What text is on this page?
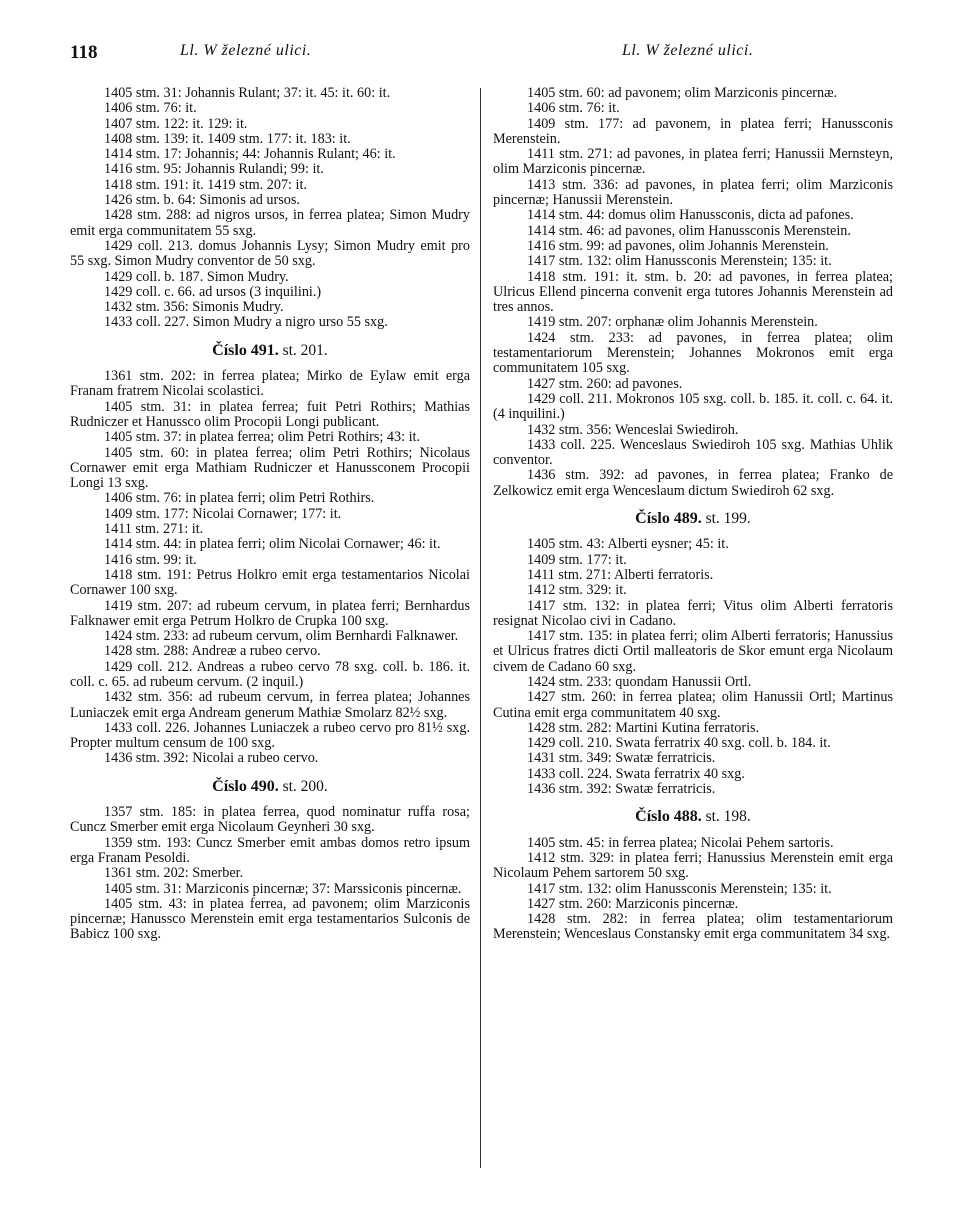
118	Ll. W železné ulici.	Ll. W železné ulici.

1405 stm. 31: Johannis Rulant; 37: it. 45: it. 60: it.

1406 stm. 76: it.

1407 stm. 122: it. 129: it.

1408 stm. 139: it. 1409 stm. 177: it. 183: it.

1414 stm. 17: Johannis; 44: Johannis Rulant; 46: it.

1416 stm. 95: Johannis Rulandi; 99: it.

1418 stm. 191: it. 1419 stm. 207: it.

1426 stm. b. 64: Simonis ad ursos.

1428 stm. 288: ad nigros ursos, in ferrea platea; Simon Mudry emit erga communitatem 55 sxg.

1429 coll. 213. domus Johannis Lysy; Simon Mudry emit pro 55 sxg. Simon Mudry conventor de 50 sxg.

1429 coll. b. 187. Simon Mudry.

1429 coll. c. 66. ad ursos (3 inquilini.)

1432 stm. 356: Simonis Mudry.

1433 coll. 227. Simon Mudry a nigro urso 55 sxg.

Číslo 491. st. 201.

1361 stm. 202: in ferrea platea; Mirko de Eylaw emit erga Franam fratrem Nicolai scolastici.

1405 stm. 31: in platea ferrea; fuit Petri Rothirs; Mathias Rudniczer et Hanussco olim Procopii Longi publicant.

1405 stm. 37: in platea ferrea; olim Petri Rothirs; 43: it.

1405 stm. 60: in platea ferrea; olim Petri Rothirs; Nicolaus Cornawer emit erga Mathiam Rudniczer et Hanussconem Procopii Longi 13 sxg.

1406 stm. 76: in platea ferri; olim Petri Rothirs.

1409 stm. 177: Nicolai Cornawer; 177: it.

1411 stm. 271: it.

1414 stm. 44: in platea ferri; olim Nicolai Cornawer; 46: it.

1416 stm. 99: it.

1418 stm. 191: Petrus Holkro emit erga testamentarios Nicolai Cornawer 100 sxg.

1419 stm. 207: ad rubeum cervum, in platea ferri; Bernhardus Falknawer emit erga Petrum Holkro de Crupka 100 sxg.

1424 stm. 233: ad rubeum cervum, olim Bernhardi Falknawer.

1428 stm. 288: Andreæ a rubeo cervo.

1429 coll. 212. Andreas a rubeo cervo 78 sxg. coll. b. 186. it. coll. c. 65. ad rubeum cervum. (2 inquil.)

1432 stm. 356: ad rubeum cervum, in ferrea platea; Johannes Luniaczek emit erga Andream generum Mathiæ Smolarz 82½ sxg.

1433 coll. 226. Johannes Luniaczek a rubeo cervo pro 81½ sxg. Propter multum censum de 100 sxg.

1436 stm. 392: Nicolai a rubeo cervo.

Číslo 490. st. 200.

1357 stm. 185: in platea ferrea, quod nominatur ruffa rosa; Cuncz Smerber emit erga Nicolaum Geynheri 30 sxg.

1359 stm. 193: Cuncz Smerber emit ambas domos retro ipsum erga Franam Pesoldi.

1361 stm. 202: Smerber.

1405 stm. 31: Marziconis pincernæ; 37: Marssiconis pincernæ.

1405 stm. 43: in platea ferrea, ad pavonem; olim Marziconis pincernæ; Hanussco Merenstein emit erga testamentarios Sulconis de Babicz 100 sxg.

1405 stm. 60: ad pavonem; olim Marziconis pincernæ.

1406 stm. 76: it.

1409 stm. 177: ad pavonem, in platea ferri; Hanussconis Merenstein.

1411 stm. 271: ad pavones, in platea ferri; Hanussii Mernsteyn, olim Marziconis pincernæ.

1413 stm. 336: ad pavones, in platea ferri; olim Marziconis pincernæ; Hanussii Merenstein.

1414 stm. 44: domus olim Hanussconis, dicta ad pafones.

1414 stm. 46: ad pavones, olim Hanussconis Merenstein.

1416 stm. 99: ad pavones, olim Johannis Merenstein.

1417 stm. 132: olim Hanussconis Merenstein; 135: it.

1418 stm. 191: it. stm. b. 20: ad pavones, in ferrea platea; Ulricus Ellend pincerna convenit erga tutores Johannis Merenstein ad tres annos.

1419 stm. 207: orphanæ olim Johannis Merenstein.

1424 stm. 233: ad pavones, in ferrea platea; olim testamentariorum Merenstein; Johannes Mokronos emit erga communitatem 105 sxg.

1427 stm. 260: ad pavones.

1429 coll. 211. Mokronos 105 sxg. coll. b. 185. it. coll. c. 64. it. (4 inquilini.)

1432 stm. 356: Wenceslai Swiediroh.

1433 coll. 225. Wenceslaus Swiediroh 105 sxg. Mathias Uhlik conventor.

1436 stm. 392: ad pavones, in ferrea platea; Franko de Zelkowicz emit erga Wenceslaum dictum Swiediroh 62 sxg.

Číslo 489. st. 199.

1405 stm. 43: Alberti eysner; 45: it.

1409 stm. 177: it.

1411 stm. 271: Alberti ferratoris.

1412 stm. 329: it.

1417 stm. 132: in platea ferri; Vitus olim Alberti ferratoris resignat Nicolao civi in Cadano.

1417 stm. 135: in platea ferri; olim Alberti ferratoris; Hanussius et Ulricus fratres dicti Ortil malleatoris de Skor emunt erga Nicolaum civem de Cadano 60 sxg.

1424 stm. 233: quondam Hanussii Ortl.

1427 stm. 260: in ferrea platea; olim Hanussii Ortl; Martinus Cutina emit erga communitatem 40 sxg.

1428 stm. 282: Martini Kutina ferratoris.

1429 coll. 210. Swata ferratrix 40 sxg. coll. b. 184. it.

1431 stm. 349: Swatæ ferratricis.

1433 coll. 224. Swata ferratrix 40 sxg.

1436 stm. 392: Swatæ ferratricis.

Číslo 488. st. 198.

1405 stm. 45: in ferrea platea; Nicolai Pehem sartoris.

1412 stm. 329: in platea ferri; Hanussius Merenstein emit erga Nicolaum Pehem sartorem 50 sxg.

1417 stm. 132: olim Hanussconis Merenstein; 135: it.

1427 stm. 260: Marziconis pincernæ.

1428 stm. 282: in ferrea platea; olim testamentariorum Merenstein; Wenceslaus Constansky emit erga communitatem 34 sxg.
